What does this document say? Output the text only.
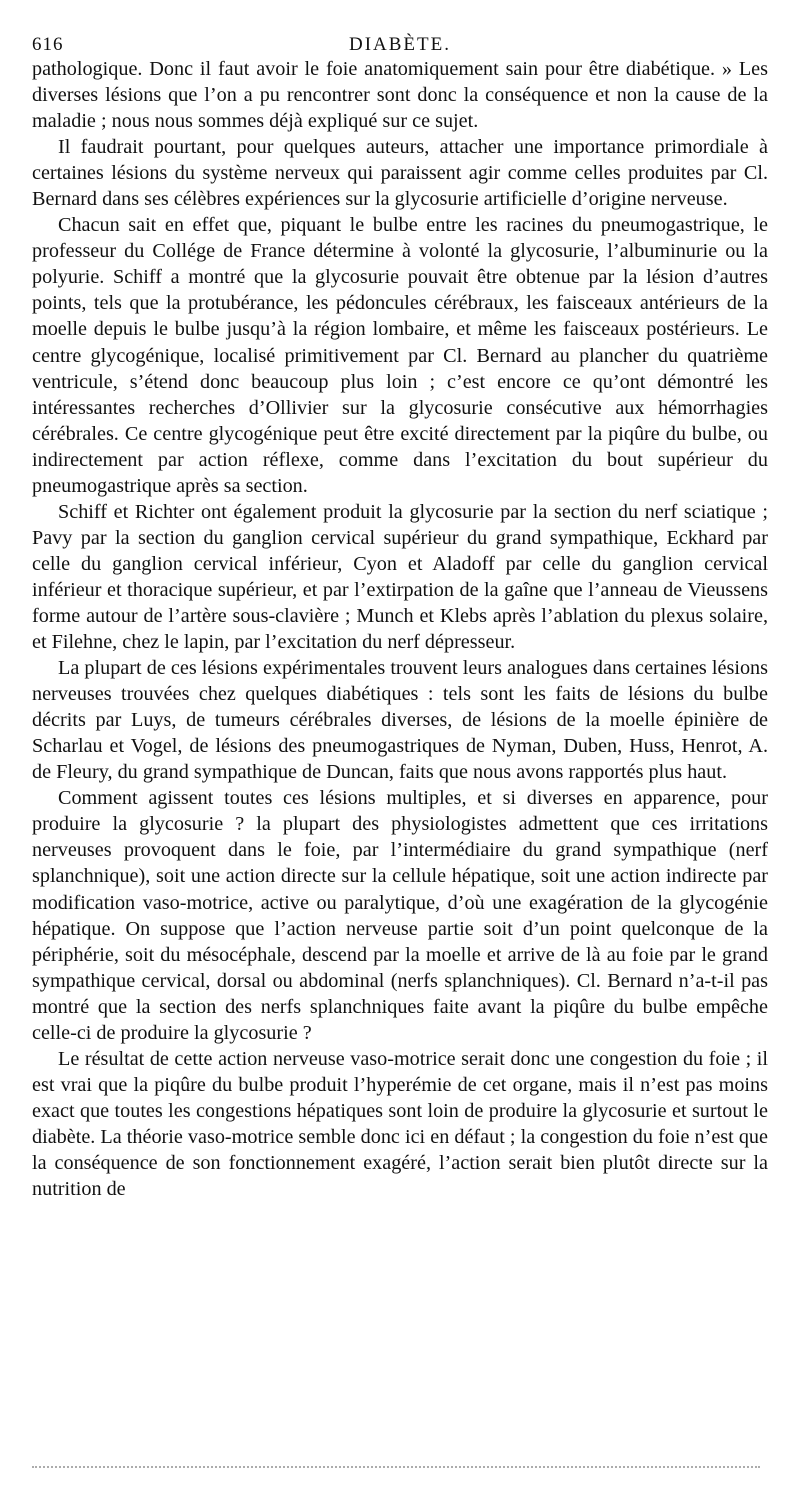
616	DIABÈTE.

pathologique. Donc il faut avoir le foie anatomiquement sain pour être diabétique. » Les diverses lésions que l’on a pu rencontrer sont donc la conséquence et non la cause de la maladie ; nous nous sommes déjà expliqué sur ce sujet.

Il faudrait pourtant, pour quelques auteurs, attacher une importance primordiale à certaines lésions du système nerveux qui paraissent agir comme celles produites par Cl. Bernard dans ses célèbres expériences sur la glycosurie artificielle d’origine nerveuse.

Chacun sait en effet que, piquant le bulbe entre les racines du pneumogastrique, le professeur du Collége de France détermine à volonté la glycosurie, l’albuminurie ou la polyurie. Schiff a montré que la glycosurie pouvait être obtenue par la lésion d’autres points, tels que la protubérance, les pédoncules cérébraux, les faisceaux antérieurs de la moelle depuis le bulbe jusqu’à la région lombaire, et même les faisceaux postérieurs. Le centre glycogénique, localisé primitivement par Cl. Bernard au plancher du quatrième ventricule, s’étend donc beaucoup plus loin ; c’est encore ce qu’ont démontré les intéressantes recherches d’Ollivier sur la glycosurie consécutive aux hémorrhagies cérébrales. Ce centre glycogénique peut être excité directement par la piqûre du bulbe, ou indirectement par action réflexe, comme dans l’excitation du bout supérieur du pneumogastrique après sa section.

Schiff et Richter ont également produit la glycosurie par la section du nerf sciatique ; Pavy par la section du ganglion cervical supérieur du grand sympathique, Eckhard par celle du ganglion cervical inférieur, Cyon et Aladoff par celle du ganglion cervical inférieur et thoracique supérieur, et par l’extirpation de la gaîne que l’anneau de Vieussens forme autour de l’artère sous-clavière ; Munch et Klebs après l’ablation du plexus solaire, et Filehne, chez le lapin, par l’excitation du nerf dépresseur.

La plupart de ces lésions expérimentales trouvent leurs analogues dans certaines lésions nerveuses trouvées chez quelques diabétiques : tels sont les faits de lésions du bulbe décrits par Luys, de tumeurs cérébrales diverses, de lésions de la moelle épinière de Scharlau et Vogel, de lésions des pneumogastriques de Nyman, Duben, Huss, Henrot, A. de Fleury, du grand sympathique de Duncan, faits que nous avons rapportés plus haut.

Comment agissent toutes ces lésions multiples, et si diverses en apparence, pour produire la glycosurie ? la plupart des physiologistes admettent que ces irritations nerveuses provoquent dans le foie, par l’intermédiaire du grand sympathique (nerf splanchnique), soit une action directe sur la cellule hépatique, soit une action indirecte par modification vaso-motrice, active ou paralytique, d’où une exagération de la glycogénie hépatique. On suppose que l’action nerveuse partie soit d’un point quelconque de la périphérie, soit du mésocéphale, descend par la moelle et arrive de là au foie par le grand sympathique cervical, dorsal ou abdominal (nerfs splanchniques). Cl. Bernard n’a-t-il pas montré que la section des nerfs splanchniques faite avant la piqûre du bulbe empêche celle-ci de produire la glycosurie ?

Le résultat de cette action nerveuse vaso-motrice serait donc une congestion du foie ; il est vrai que la piqûre du bulbe produit l’hyperémie de cet organe, mais il n’est pas moins exact que toutes les congestions hépatiques sont loin de produire la glycosurie et surtout le diabète. La théorie vaso-motrice semble donc ici en défaut ; la congestion du foie n’est que la conséquence de son fonctionnement exagéré, l’action serait bien plutôt directe sur la nutrition de
